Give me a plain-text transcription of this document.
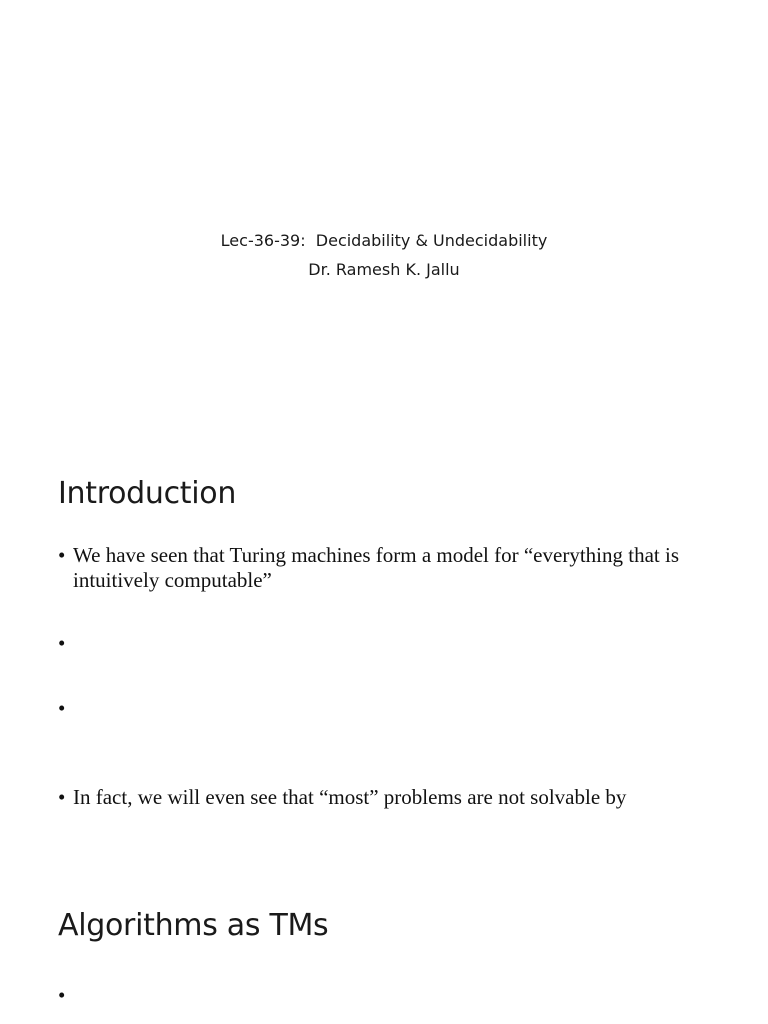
Lec-36-39:  Decidability & Undecidability
Dr. Ramesh K. Jallu
Introduction
• We have seen that Turing machines form a model for “everything that is intuitively computable”
•
•
• In fact, we will even see that “most” problems are not solvable by
Algorithms as TMs
•
